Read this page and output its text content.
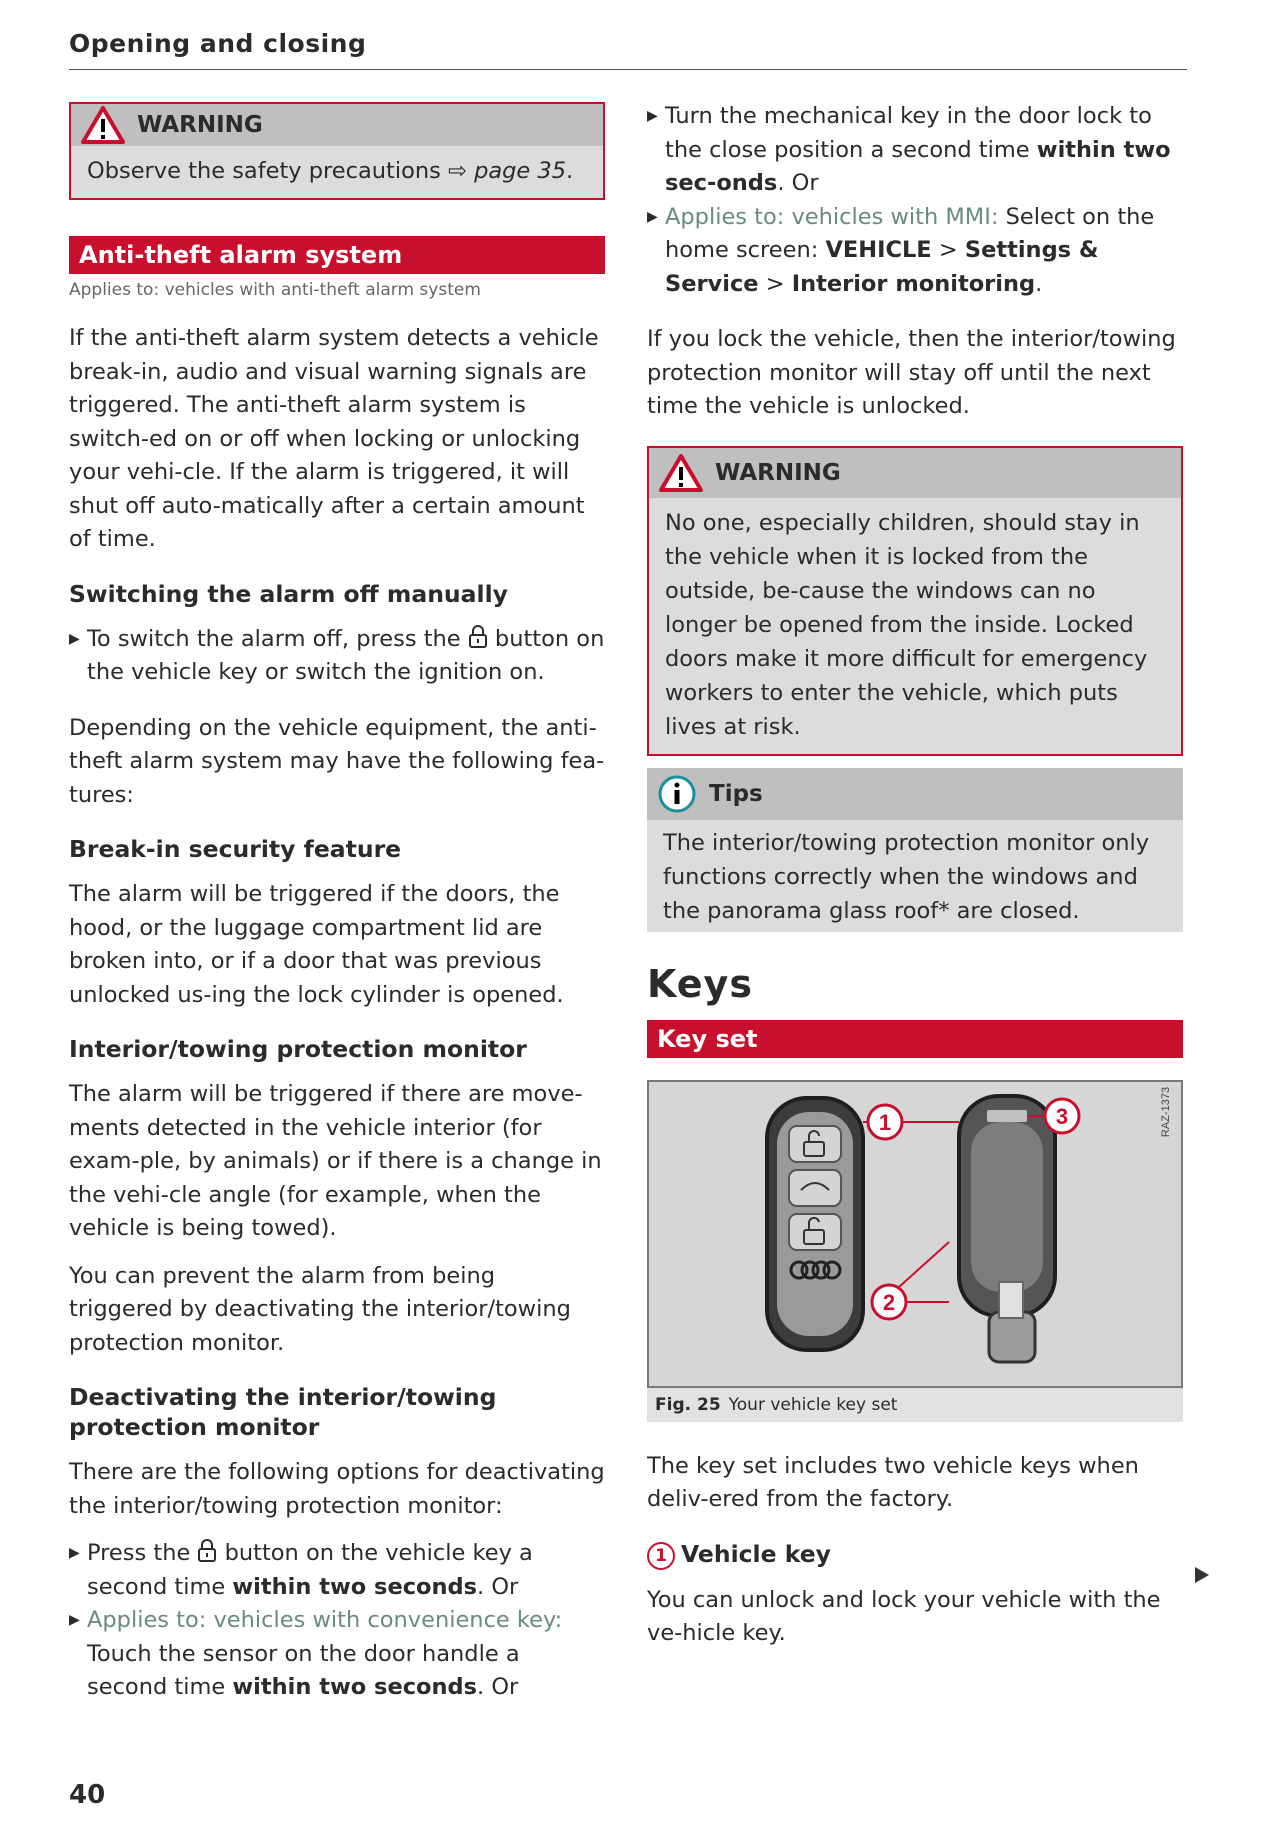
Opening and closing
WARNING
Observe the safety precautions ⇨ page 35.
Anti-theft alarm system
Applies to: vehicles with anti-theft alarm system

If the anti-theft alarm system detects a vehicle break-in, audio and visual warning signals are triggered. The anti-theft alarm system is switch-ed on or off when locking or unlocking your vehi-cle. If the alarm is triggered, it will shut off auto-matically after a certain amount of time.

Switching the alarm off manually
▶ To switch the alarm off, press the  button on the vehicle key or switch the ignition on.

Depending on the vehicle equipment, the anti-theft alarm system may have the following fea-tures:

Break-in security feature

The alarm will be triggered if the doors, the hood, or the luggage compartment lid are broken into, or if a door that was previous unlocked us-ing the lock cylinder is opened.

Interior/towing protection monitor

The alarm will be triggered if there are move-ments detected in the vehicle interior (for exam-ple, by animals) or if there is a change in the vehi-cle angle (for example, when the vehicle is being towed).

You can prevent the alarm from being triggered by deactivating the interior/towing protection monitor.

Deactivating the interior/towing protection monitor

There are the following options for deactivating the interior/towing protection monitor:

▶ Press the  button on the vehicle key a second time within two seconds. Or
▶ Applies to: vehicles with convenience key: Touch the sensor on the door handle a second time within two seconds. Or
▶ Turn the mechanical key in the door lock to the close position a second time within two sec-onds. Or
▶ Applies to: vehicles with MMI: Select on the home screen: VEHICLE > Settings & Service > Interior monitoring.

If you lock the vehicle, then the interior/towing protection monitor will stay off until the next time the vehicle is unlocked.

WARNING
No one, especially children, should stay in the vehicle when it is locked from the outside, be-cause the windows can no longer be opened from the inside. Locked doors make it more difficult for emergency workers to enter the vehicle, which puts lives at risk.
Tips
The interior/towing protection monitor only functions correctly when the windows and the panorama glass roof* are closed.
Keys
Key set
1	3
2
RAZ-1373
Fig. 25 Your vehicle key set

The key set includes two vehicle keys when deliv-ered from the factory.

1 Vehicle key

You can unlock and lock your vehicle with the ve-hicle key.

40
